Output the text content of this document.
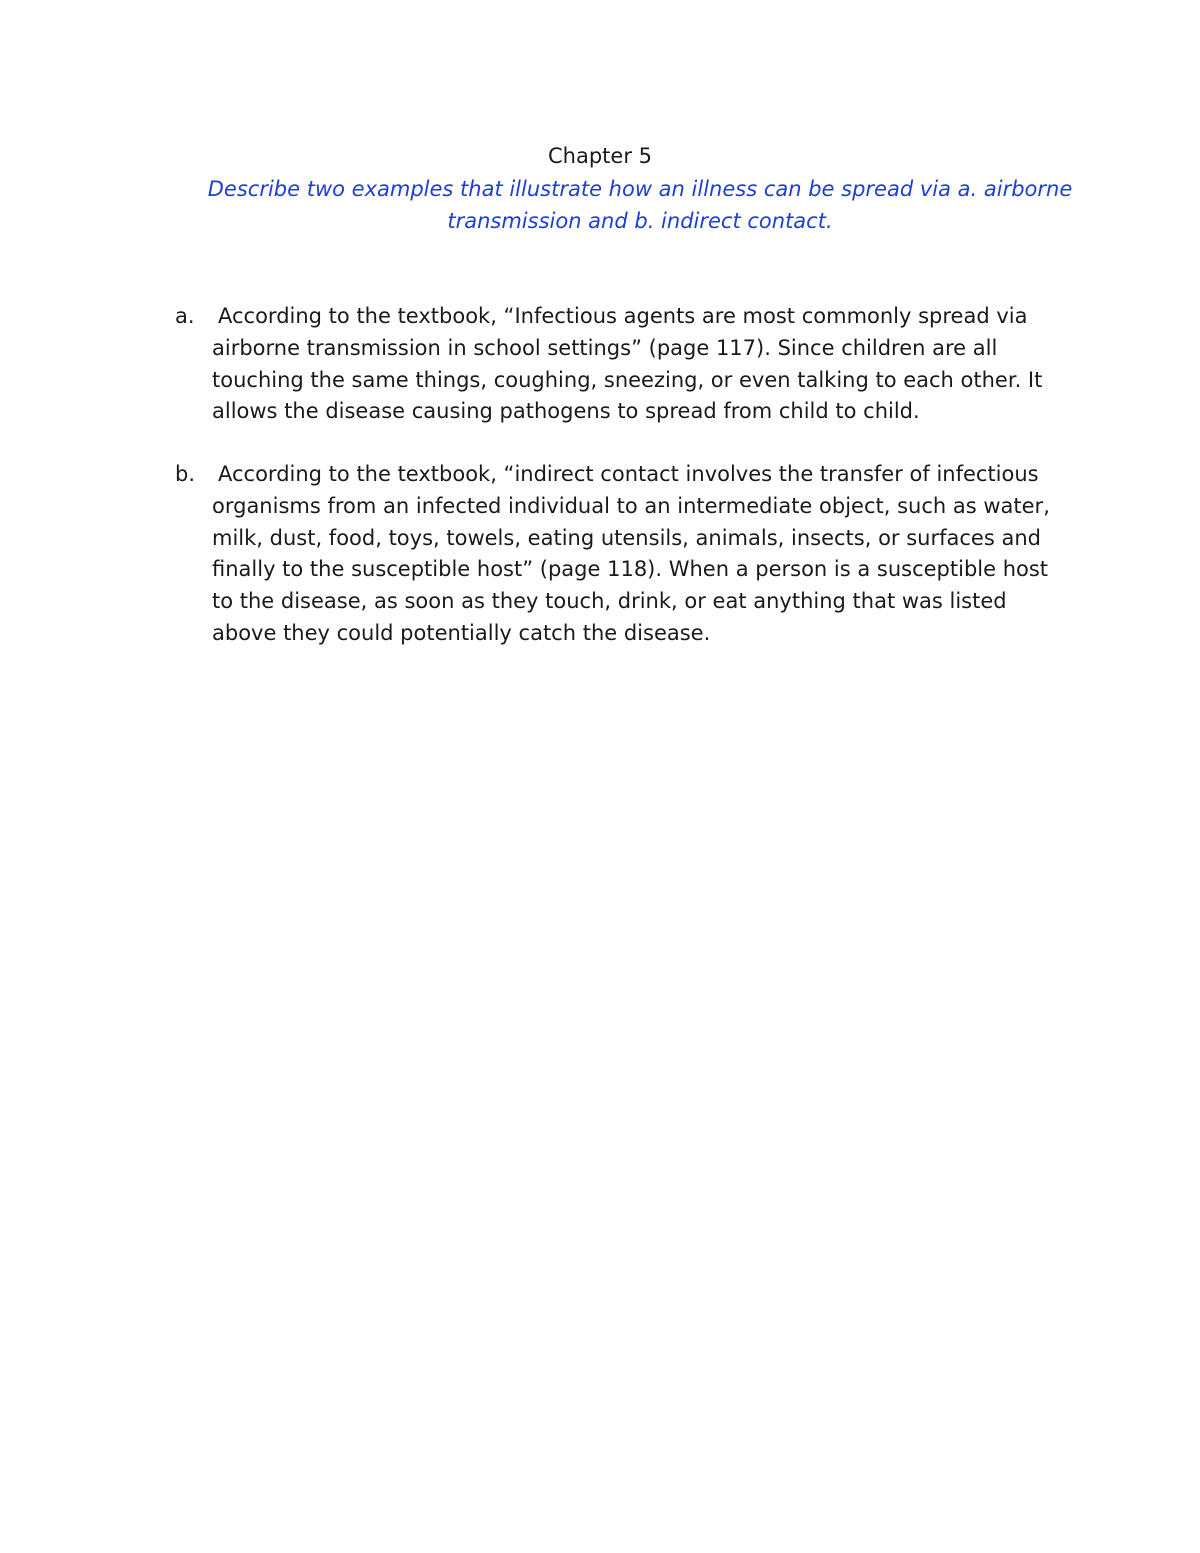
Chapter 5
Describe two examples that illustrate how an illness can be spread via a. airborne transmission and b. indirect contact.
a.	According to the textbook, “Infectious agents are most commonly spread via airborne transmission in school settings” (page 117). Since children are all touching the same things, coughing, sneezing, or even talking to each other. It allows the disease causing pathogens to spread from child to child.
b.	According to the textbook, “indirect contact involves the transfer of infectious organisms from an infected individual to an intermediate object, such as water, milk, dust, food, toys, towels, eating utensils, animals, insects, or surfaces and finally to the susceptible host” (page 118). When a person is a susceptible host to the disease, as soon as they touch, drink, or eat anything that was listed above they could potentially catch the disease.
